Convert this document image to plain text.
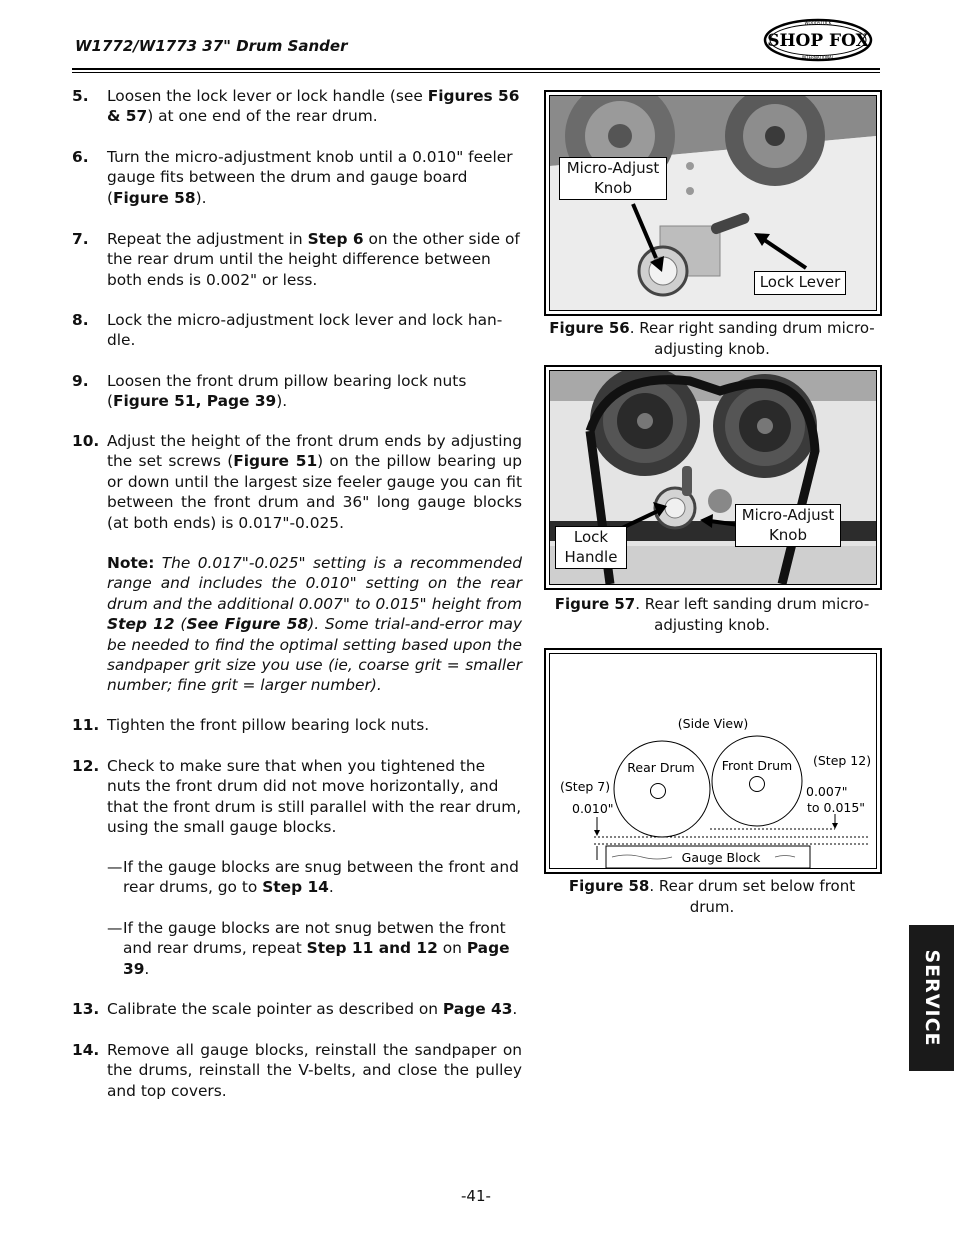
W1772/W1773 37" Drum Sander	SHOP FOX
WOODSTOCK
INTERNATIONAL
5. Loosen the lock lever or lock handle (see Figures 56 & 57) at one end of the rear drum.
6. Turn the micro-adjustment knob until a 0.010" feeler gauge fits between the drum and gauge board (Figure 58).
7. Repeat the adjustment in Step 6 on the other side of the rear drum until the height difference between both ends is 0.002" or less.
8. Lock the micro-adjustment lock lever and lock han-dle.
9. Loosen the front drum pillow bearing lock nuts (Figure 51, Page 39).
10. Adjust the height of the front drum ends by adjusting the set screws (Figure 51) on the pillow bearing up or down until the largest size feeler gauge you can fit between the front drum and 36" long gauge blocks (at both ends) is 0.017"-0.025.
Note: The 0.017"-0.025" setting is a recommended range and includes the 0.010" setting on the rear drum and the additional 0.007" to 0.015" height from Step 12 (See Figure 58). Some trial-and-error may be needed to find the optimal setting based upon the sandpaper grit size you use (ie, coarse grit = smaller number; fine grit = larger number).
11. Tighten the front pillow bearing lock nuts.
12. Check to make sure that when you tightened the nuts the front drum did not move horizontally, and that the front drum is still parallel with the rear drum, using the small gauge blocks.
— If the gauge blocks are snug between the front and rear drums, go to Step 14.
— If the gauge blocks are not snug betwen the front and rear drums, repeat Step 11 and 12 on Page 39.
13. Calibrate the scale pointer as described on Page 43.
14. Remove all gauge blocks, reinstall the sandpaper on the drums, reinstall the V-belts, and close the pulley and top covers.
Micro-Adjust
Knob
Lock Lever
Figure 56. Rear right sanding drum micro-
adjusting knob.
Lock
Handle
Micro-Adjust
Knob
Figure 57. Rear left sanding drum micro-
adjusting knob.
(Side View)
Rear Drum Front Drum
(Step 7)
0.010"
(Step 12)
0.007"
to 0.015"
Gauge Block
Figure 58. Rear drum set below front
drum.
SERVICE
-41-
